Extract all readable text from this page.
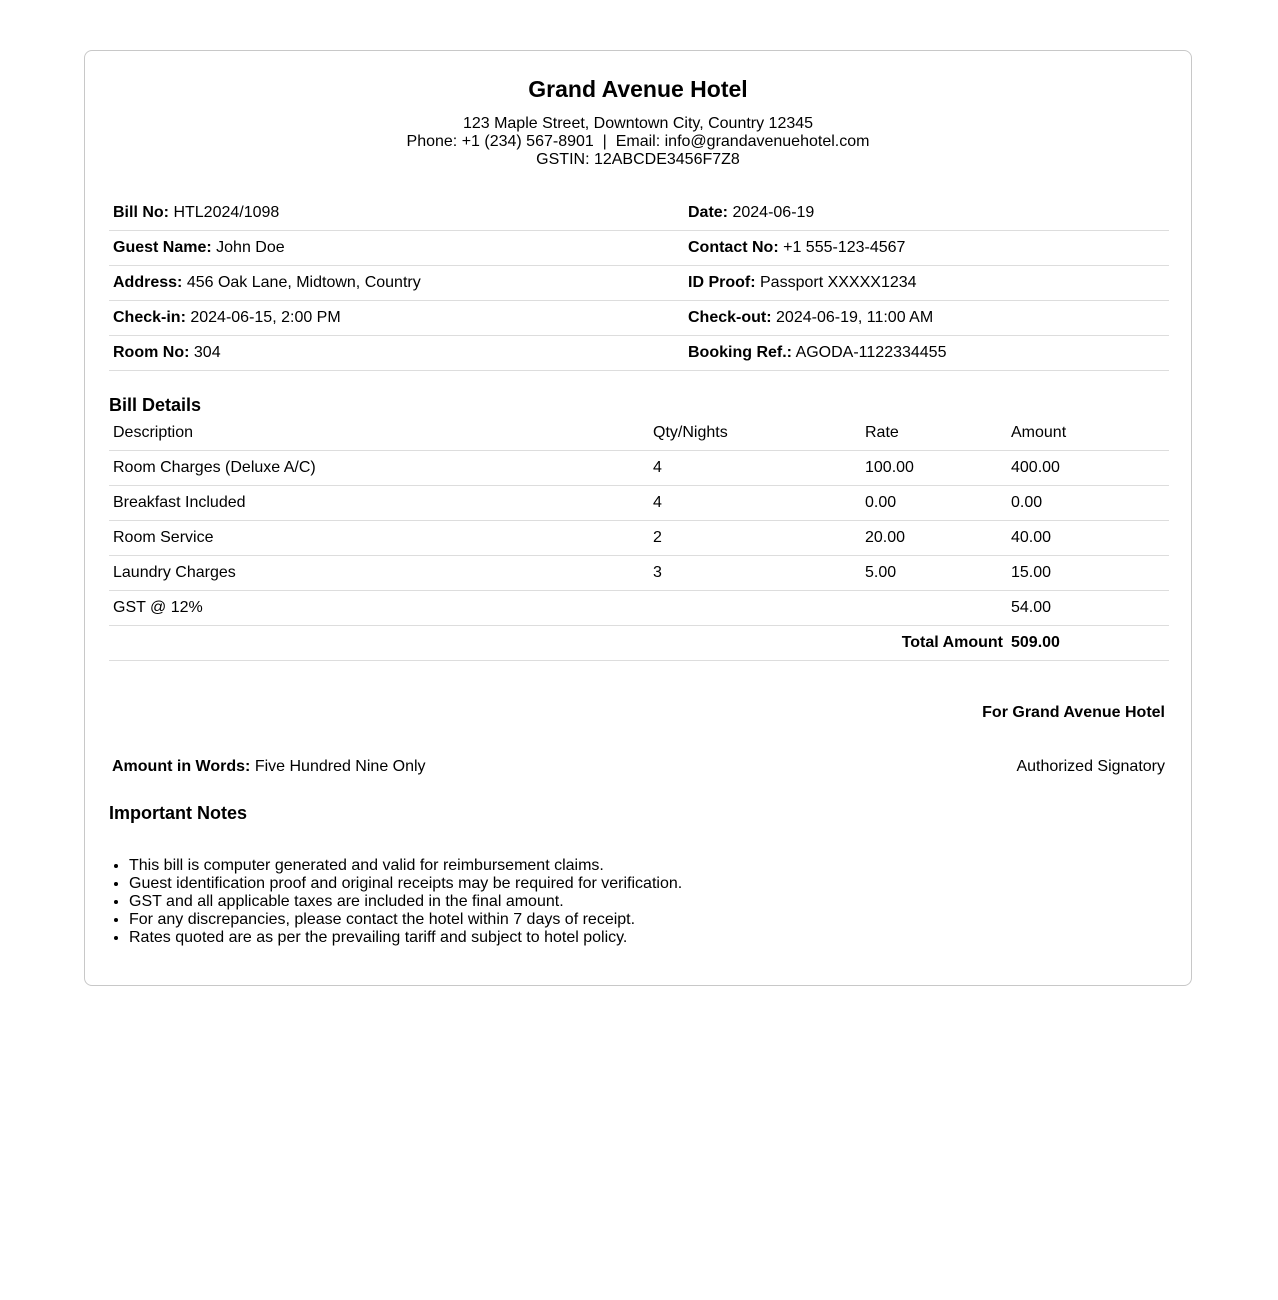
Grand Avenue Hotel
123 Maple Street, Downtown City, Country 12345
Phone: +1 (234) 567-8901  |  Email: info@grandavenuehotel.com
GSTIN: 12ABCDE3456F7Z8
Bill No: HTL2024/1098	Date: 2024-06-19
Guest Name: John Doe	Contact No: +1 555-123-4567
Address: 456 Oak Lane, Midtown, Country	ID Proof: Passport XXXXX1234
Check-in: 2024-06-15, 2:00 PM	Check-out: 2024-06-19, 11:00 AM
Room No: 304	Booking Ref.: AGODA-1122334455
Bill Details
Description	Qty/Nights	Rate	Amount
Room Charges (Deluxe A/C)	4	100.00	400.00
Breakfast Included	4	0.00	0.00
Room Service	2	20.00	40.00
Laundry Charges	3	5.00	15.00
GST @ 12%			54.00
Total Amount			509.00
For Grand Avenue Hotel
Amount in Words: Five Hundred Nine Only	Authorized Signatory
Important Notes
• This bill is computer generated and valid for reimbursement claims.
• Guest identification proof and original receipts may be required for verification.
• GST and all applicable taxes are included in the final amount.
• For any discrepancies, please contact the hotel within 7 days of receipt.
• Rates quoted are as per the prevailing tariff and subject to hotel policy.
